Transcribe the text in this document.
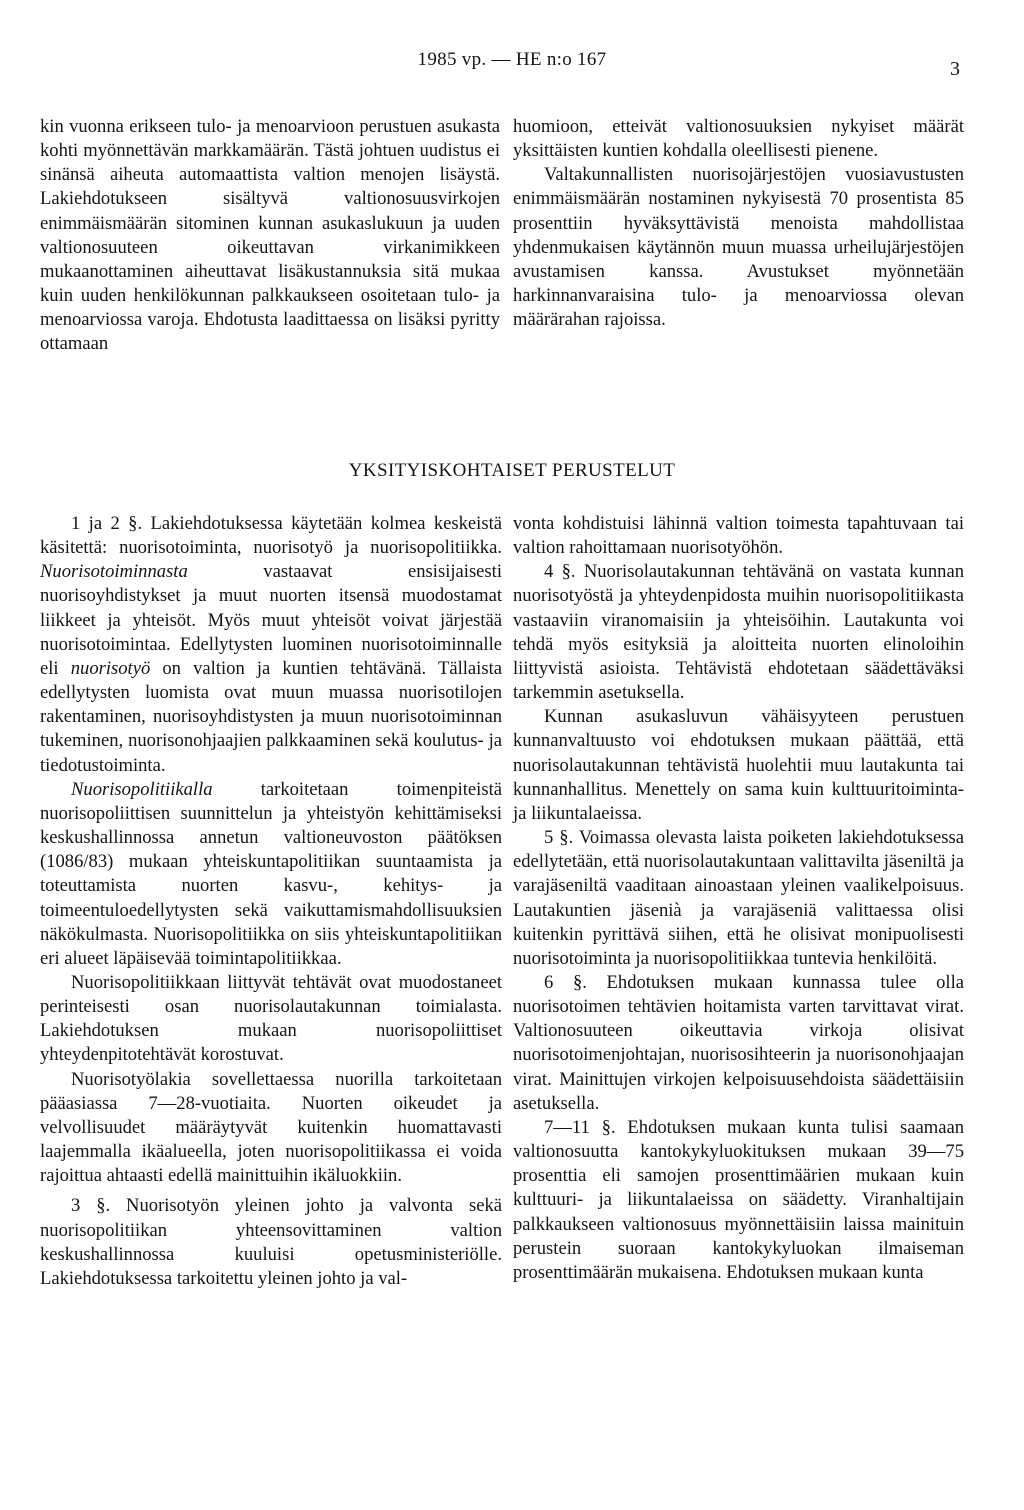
1985 vp. — HE n:o 167	3

kin vuonna erikseen tulo- ja menoarvioon perustuen asukasta kohti myönnettävän markkamäärän. Tästä johtuen uudistus ei sinänsä aiheuta automaattista valtion menojen lisäystä. Lakiehdotukseen sisältyvä valtionosuusvirkojen enimmäismäärän sitominen kunnan asukaslukuun ja uuden valtionosuuteen oikeuttavan virkanimikkeen mukaanottaminen aiheuttavat lisäkustannuksia sitä mukaa kuin uuden henkilökunnan palkkaukseen osoitetaan tulo- ja menoarviossa varoja. Ehdotusta laadittaessa on lisäksi pyritty ottamaan

huomioon, etteivät valtionosuuksien nykyiset määrät yksittäisten kuntien kohdalla oleellisesti pienene.

Valtakunnallisten nuorisojärjestöjen vuosiavustusten enimmäismäärän nostaminen nykyisestä 70 prosentista 85 prosenttiin hyväksyttävistä menoista mahdollistaa yhdenmukaisen käytännön muun muassa urheilujärjestöjen avustamisen kanssa. Avustukset myönnetään harkinnanvaraisina tulo- ja menoarviossa olevan määrärahan rajoissa.

YKSITYISKOHTAISET PERUSTELUT

1 ja 2 §. Lakiehdotuksessa käytetään kolmea keskeistä käsitettä: nuorisotoiminta, nuorisotyö ja nuorisopolitiikka. Nuorisotoiminnasta vastaavat ensisijaisesti nuorisoyhdistykset ja muut nuorten itsensä muodostamat liikkeet ja yhteisöt. Myös muut yhteisöt voivat järjestää nuorisotoimintaa. Edellytysten luominen nuorisotoiminnalle eli nuorisotyö on valtion ja kuntien tehtävänä. Tällaista edellytysten luomista ovat muun muassa nuorisotilojen rakentaminen, nuorisoyhdistysten ja muun nuorisotoiminnan tukeminen, nuorisonohjaajien palkkaaminen sekä koulutus- ja tiedotustoiminta.

Nuorisopolitiikalla tarkoitetaan toimenpiteistä nuorisopoliittisen suunnittelun ja yhteistyön kehittämiseksi keskushallinnossa annetun valtioneuvoston päätöksen (1086/83) mukaan yhteiskuntapolitiikan suuntaamista ja toteuttamista nuorten kasvu-, kehitys- ja toimeentuloedellytysten sekä vaikuttamismahdollisuuksien näkökulmasta. Nuorisopolitiikka on siis yhteiskuntapolitiikan eri alueet läpäisevää toimintapolitiikkaa.

Nuorisopolitiikkaan liittyvät tehtävät ovat muodostaneet perinteisesti osan nuorisolautakunnan toimialasta. Lakiehdotuksen mukaan nuorisopoliittiset yhteydenpitotehtävät korostuvat.

Nuorisotyölakia sovellettaessa nuorilla tarkoitetaan pääasiassa 7—28-vuotiaita. Nuorten oikeudet ja velvollisuudet määräytyvät kuitenkin huomattavasti laajemmalla ikäalueella, joten nuorisopolitiikassa ei voida rajoittua ahtaasti edellä mainittuihin ikäluokkiin.

3 §. Nuorisotyön yleinen johto ja valvonta sekä nuorisopolitiikan yhteensovittaminen valtion keskushallinnossa kuuluisi opetusministeriölle. Lakiehdotuksessa tarkoitettu yleinen johto ja val-

vonta kohdistuisi lähinnä valtion toimesta tapahtuvaan tai valtion rahoittamaan nuorisotyöhön.

4 §. Nuorisolautakunnan tehtävänä on vastata kunnan nuorisotyöstä ja yhteydenpidosta muihin nuorisopolitiikasta vastaaviin viranomaisiin ja yhteisöihin. Lautakunta voi tehdä myös esityksiä ja aloitteita nuorten elinoloihin liittyvistä asioista. Tehtävistä ehdotetaan säädettäväksi tarkemmin asetuksella.

Kunnan asukasluvun vähäisyyteen perustuen kunnanvaltuusto voi ehdotuksen mukaan päättää, että nuorisolautakunnan tehtävistä huolehtii muu lautakunta tai kunnanhallitus. Menettely on sama kuin kulttuuritoiminta- ja liikuntalaeissa.

5 §. Voimassa olevasta laista poiketen lakiehdotuksessa edellytetään, että nuorisolautakuntaan valittavilta jäseniltä ja varajäseniltä vaaditaan ainoastaan yleinen vaalikelpoisuus. Lautakuntien jäsenià ja varajäseniä valittaessa olisi kuitenkin pyrittävä siihen, että he olisivat monipuolisesti nuorisotoiminta ja nuorisopolitiikkaa tuntevia henkilöitä.

6 §. Ehdotuksen mukaan kunnassa tulee olla nuorisotoimen tehtävien hoitamista varten tarvittavat virat. Valtionosuuteen oikeuttavia virkoja olisivat nuorisotoimenjohtajan, nuorisosihteerin ja nuorisonohjaajan virat. Mainittujen virkojen kelpoisuusehdoista säädettäisiin asetuksella.

7—11 §. Ehdotuksen mukaan kunta tulisi saamaan valtionosuutta kantokykyluokituksen mukaan 39—75 prosenttia eli samojen prosenttimäärien mukaan kuin kulttuuri- ja liikuntalaeissa on säädetty. Viranhaltijain palkkaukseen valtionosuus myönnettäisiin laissa mainituin perustein suoraan kantokykyluokan ilmaiseman prosenttimäärän mukaisena. Ehdotuksen mukaan kunta
